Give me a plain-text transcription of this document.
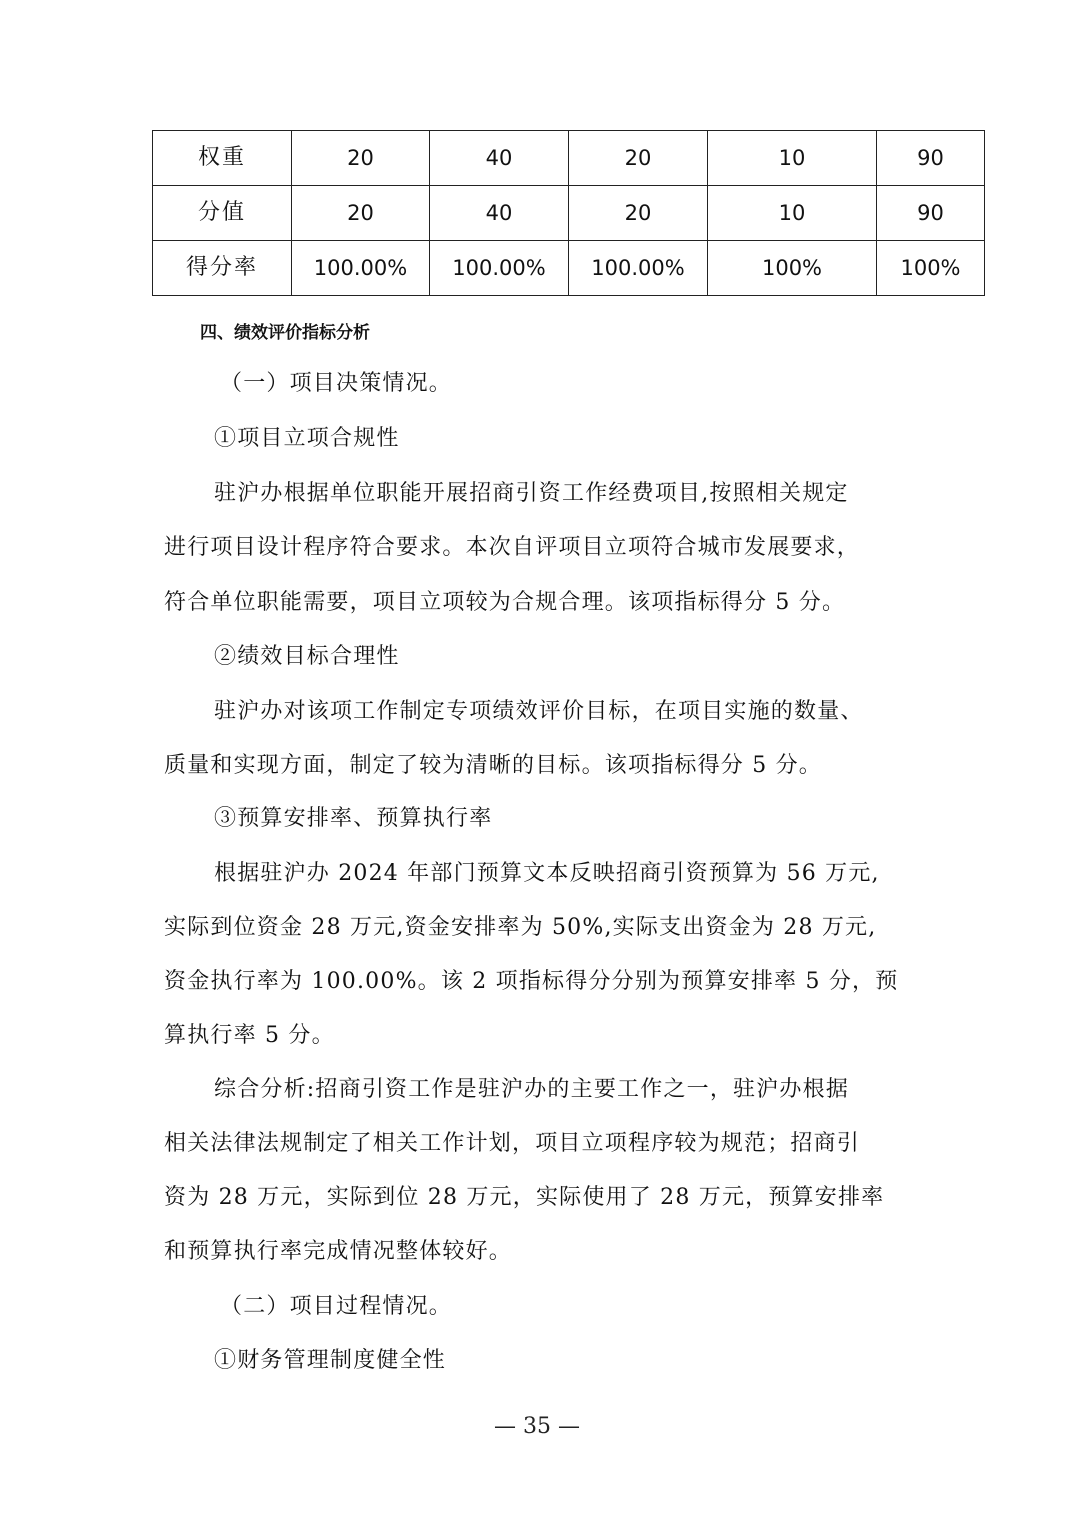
权重	20	40	20	10	90
分值	20	40	20	10	90
得分率	100.00%	100.00%	100.00%	100%	100%
四、绩效评价指标分析
（一）项目决策情况。
①项目立项合规性
驻沪办根据单位职能开展招商引资工作经费项目,按照相关规定
进行项目设计程序符合要求。本次自评项目立项符合城市发展要求，
符合单位职能需要，项目立项较为合规合理。该项指标得分 5 分。
②绩效目标合理性
驻沪办对该项工作制定专项绩效评价目标，在项目实施的数量、
质量和实现方面，制定了较为清晰的目标。该项指标得分 5 分。
③预算安排率、预算执行率
根据驻沪办 2024 年部门预算文本反映招商引资预算为 56 万元,
实际到位资金 28 万元,资金安排率为 50%,实际支出资金为 28 万元,
资金执行率为 100.00%。该 2 项指标得分分别为预算安排率 5 分，预
算执行率 5 分。
综合分析:招商引资工作是驻沪办的主要工作之一，驻沪办根据
相关法律法规制定了相关工作计划，项目立项程序较为规范；招商引
资为 28 万元，实际到位 28 万元，实际使用了 28 万元，预算安排率
和预算执行率完成情况整体较好。
（二）项目过程情况。
①财务管理制度健全性
— 35 —
